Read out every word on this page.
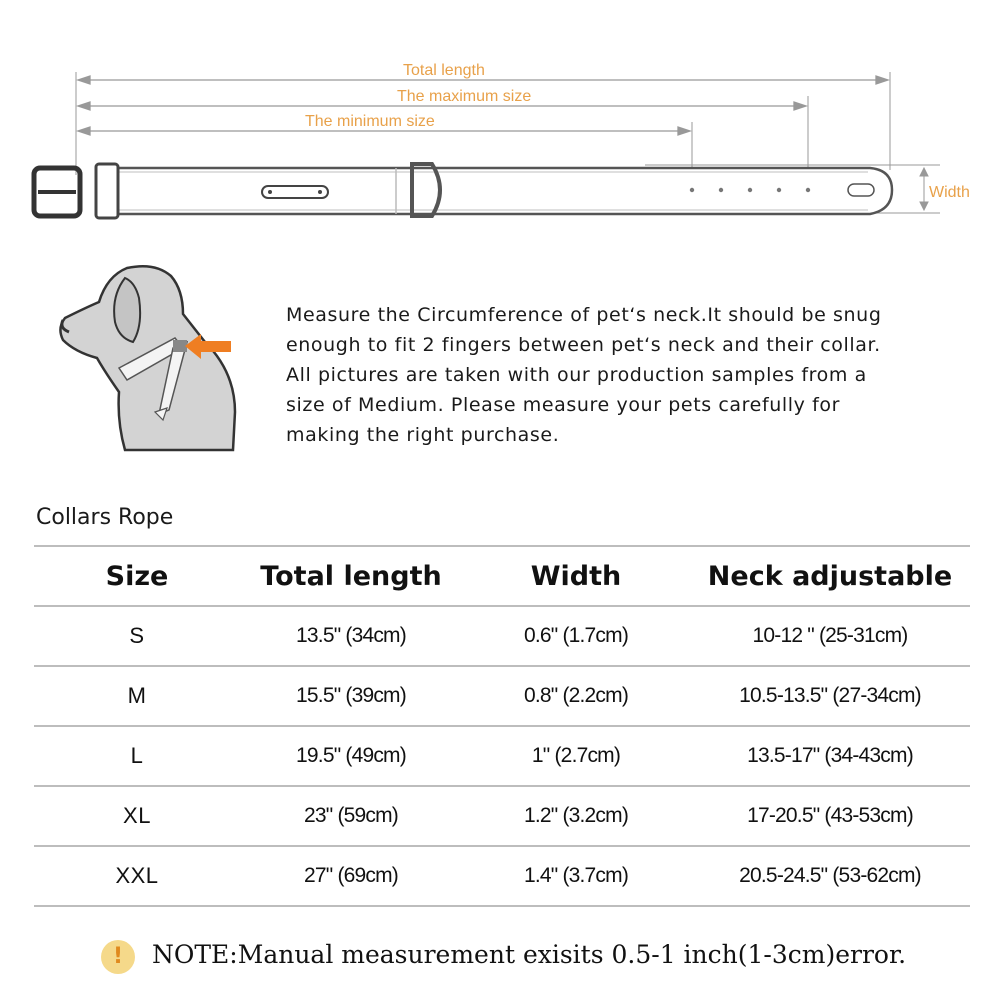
Total length
The maximum size
The minimum size
Width
Measure the Circumference of pet‘s neck.It should be snug
enough to fit 2 fingers between pet‘s neck and their collar.
All pictures are taken with our production samples from a
size of Medium. Please measure your pets carefully for
making the right purchase.
Collars Rope
Size	Total length	Width	Neck adjustable
S	13.5" (34cm)	0.6" (1.7cm)	10-12 " (25-31cm)
M	15.5" (39cm)	0.8" (2.2cm)	10.5-13.5" (27-34cm)
L	19.5" (49cm)	1" (2.7cm)	13.5-17" (34-43cm)
XL	23" (59cm)	1.2" (3.2cm)	17-20.5" (43-53cm)
XXL	27" (69cm)	1.4" (3.7cm)	20.5-24.5" (53-62cm)
!	NOTE:Manual measurement exisits 0.5-1 inch(1-3cm)error.
